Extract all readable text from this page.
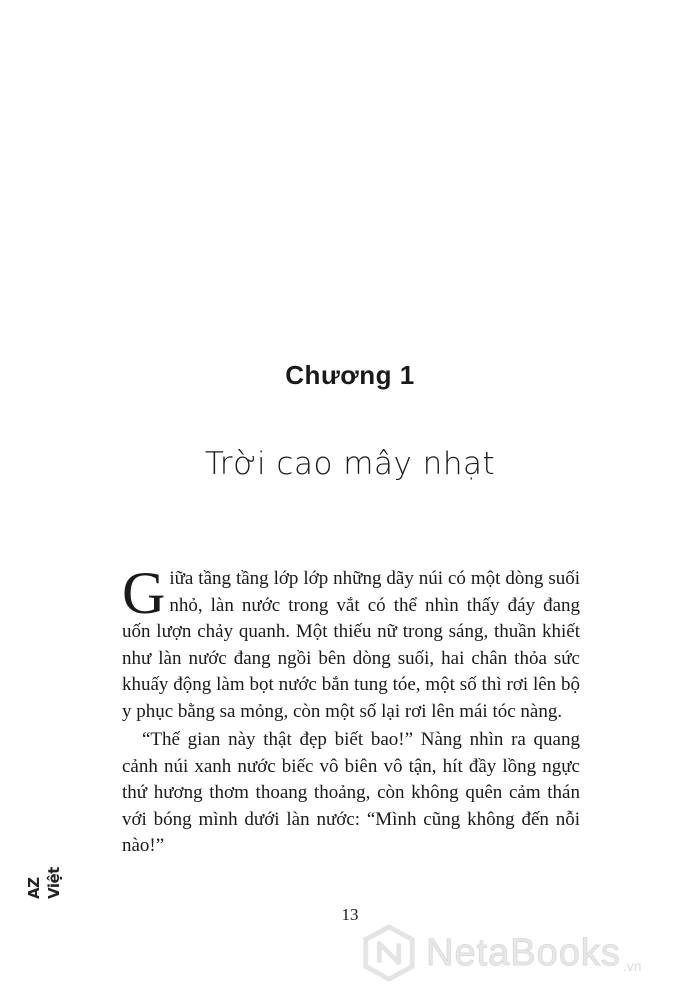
Chương 1
Trời cao mây nhạt

Giữa tầng tầng lớp lớp những dãy núi có một dòng suối nhỏ, làn nước trong vắt có thể nhìn thấy đáy đang uốn lượn chảy quanh. Một thiếu nữ trong sáng, thuần khiết như làn nước đang ngồi bên dòng suối, hai chân thỏa sức khuấy động làm bọt nước bắn tung tóe, một số thì rơi lên bộ y phục bằng sa mỏng, còn một số lại rơi lên mái tóc nàng.

“Thế gian này thật đẹp biết bao!” Nàng nhìn ra quang cảnh núi xanh nước biếc vô biên vô tận, hít đầy lồng ngực thứ hương thơm thoang thoảng, còn không quên cảm thán với bóng mình dưới làn nước: “Mình cũng không đến nỗi nào!”

13
AZ Việt
NetaBooks .vn
